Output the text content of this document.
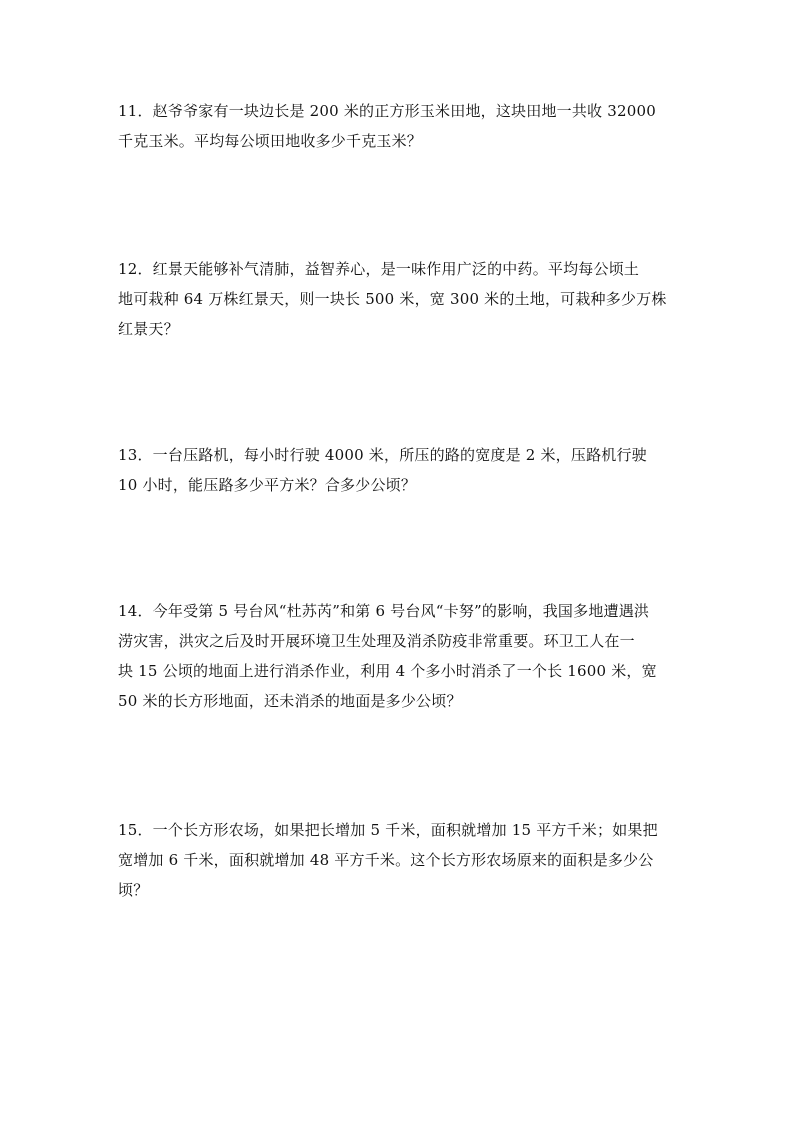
11．赵爷爷家有一块边长是 200 米的正方形玉米田地，这块田地一共收 32000
千克玉米。平均每公顷田地收多少千克玉米？
12．红景天能够补气清肺，益智养心，是一味作用广泛的中药。平均每公顷土
地可栽种 64 万株红景天，则一块长 500 米，宽 300 米的土地，可栽种多少万株
红景天？
13．一台压路机，每小时行驶 4000 米，所压的路的宽度是 2 米，压路机行驶
10 小时，能压路多少平方米？合多少公顷？
14．今年受第 5 号台风“杜苏芮”和第 6 号台风“卡努”的影响，我国多地遭遇洪
涝灾害，洪灾之后及时开展环境卫生处理及消杀防疫非常重要。环卫工人在一
块 15 公顷的地面上进行消杀作业，利用 4 个多小时消杀了一个长 1600 米，宽
50 米的长方形地面，还未消杀的地面是多少公顷？
15．一个长方形农场，如果把长增加 5 千米，面积就增加 15 平方千米；如果把
宽增加 6 千米，面积就增加 48 平方千米。这个长方形农场原来的面积是多少公
顷？
